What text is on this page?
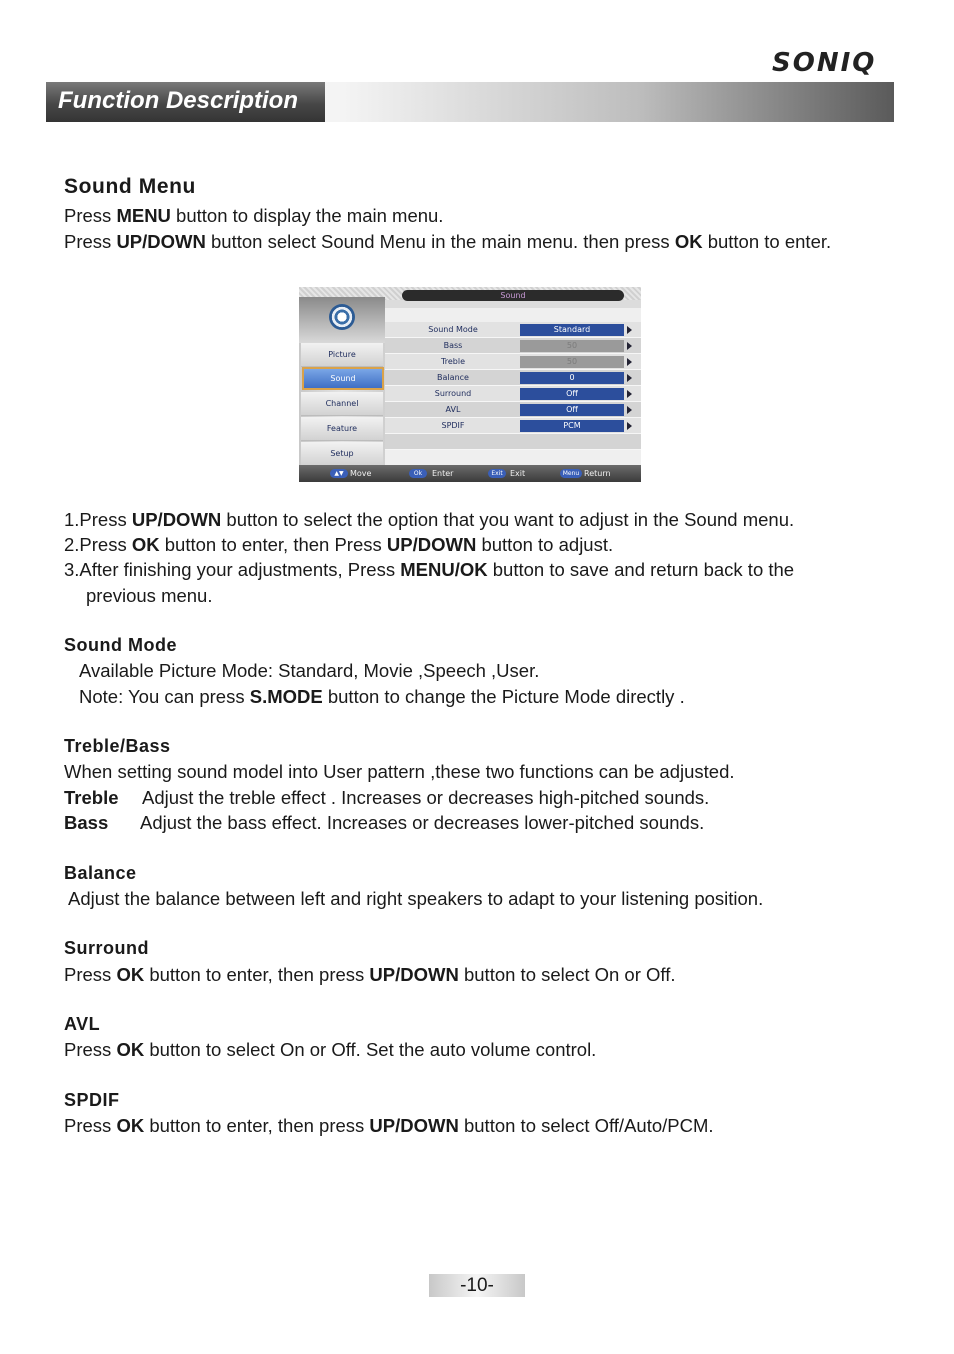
SONIQ
Function Description
Sound Menu

Press MENU button to display the main menu.

Press UP/DOWN button select Sound Menu in the main menu. then press OK button to enter.

Sound
Picture
Sound
Channel
Feature
Setup
Sound Mode	Standard
Bass	50
Treble	50
Balance	0
Surround	Off
AVL	Off
SPDIF	PCM
▲▼ Move	Ok	Enter	Exit Exit	Menu Return

1.Press UP/DOWN button to select the option that you want to adjust in the Sound menu.

2.Press OK button to enter, then Press UP/DOWN button to adjust.

3.After finishing your adjustments, Press MENU/OK button to save and return back to the

previous menu.

Sound Mode

Available Picture Mode: Standard, Movie ,Speech ,User.

Note: You can press S.MODE button to change the Picture Mode directly .

Treble/Bass

When setting sound model into User pattern ,these two functions can be adjusted.

Treble Adjust the treble effect . Increases or decreases high-pitched sounds.

Bass Adjust the bass effect. Increases or decreases lower-pitched sounds.

Balance

Adjust the balance between left and right speakers to adapt to your listening position.

Surround

Press OK button to enter, then press UP/DOWN button to select On or Off.

AVL

Press OK button to select On or Off. Set the auto volume control.

SPDIF

Press OK button to enter, then press UP/DOWN button to select Off/Auto/PCM.

-10-
